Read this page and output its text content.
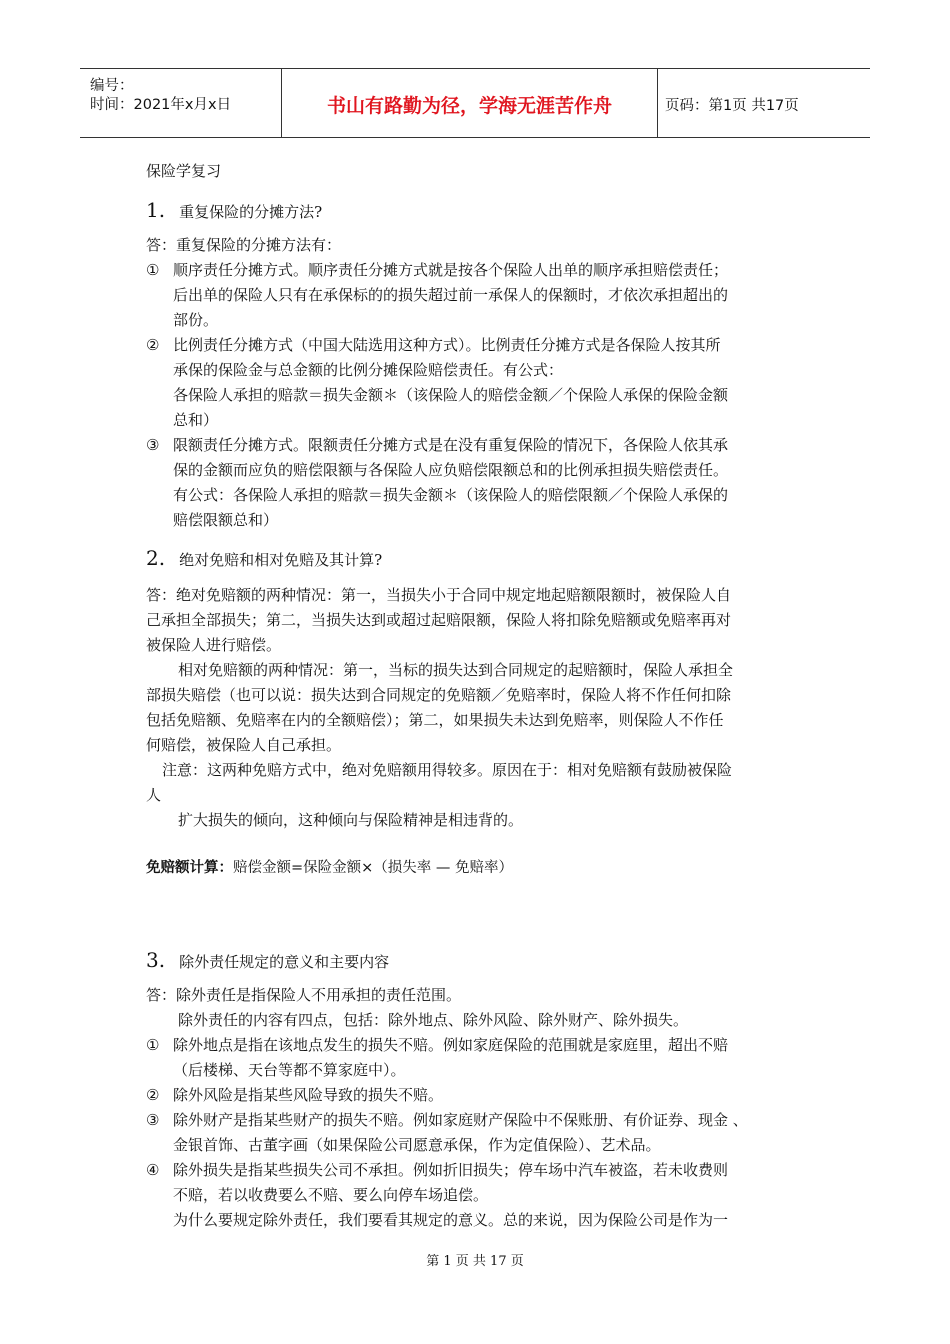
编号：
时间：2021年x月x日	书山有路勤为径，学海无涯苦作舟	页码：第1页 共17页
保险学复习
1. 重复保险的分摊方法?
答：重复保险的分摊方法有：
① 顺序责任分摊方式。顺序责任分摊方式就是按各个保险人出单的顺序承担赔偿责任；
后出单的保险人只有在承保标的的损失超过前一承保人的保额时，才依次承担超出的
部份。
② 比例责任分摊方式（中国大陆选用这种方式）。比例责任分摊方式是各保险人按其所
承保的保险金与总金额的比例分摊保险赔偿责任。有公式：
各保险人承担的赔款＝损失金额＊（该保险人的赔偿金额／个保险人承保的保险金额
总和）
③ 限额责任分摊方式。限额责任分摊方式是在没有重复保险的情况下，各保险人依其承
保的金额而应负的赔偿限额与各保险人应负赔偿限额总和的比例承担损失赔偿责任。
有公式：各保险人承担的赔款＝损失金额＊（该保险人的赔偿限额／个保险人承保的
赔偿限额总和）
2. 绝对免赔和相对免赔及其计算?
答：绝对免赔额的两种情况：第一，当损失小于合同中规定地起赔额限额时，被保险人自
己承担全部损失；第二，当损失达到或超过起赔限额，保险人将扣除免赔额或免赔率再对
被保险人进行赔偿。
相对免赔额的两种情况：第一，当标的损失达到合同规定的起赔额时，保险人承担全
部损失赔偿（也可以说：损失达到合同规定的免赔额／免赔率时，保险人将不作任何扣除
包括免赔额、免赔率在内的全额赔偿）；第二，如果损失未达到免赔率，则保险人不作任
何赔偿，被保险人自己承担。
注意：这两种免赔方式中，绝对免赔额用得较多。原因在于：相对免赔额有鼓励被保险
人
扩大损失的倾向，这种倾向与保险精神是相违背的。
免赔额计算：赔偿金额=保险金额×（损失率 — 免赔率）
3. 除外责任规定的意义和主要内容
答：除外责任是指保险人不用承担的责任范围。
除外责任的内容有四点，包括：除外地点、除外风险、除外财产、除外损失。
① 除外地点是指在该地点发生的损失不赔。例如家庭保险的范围就是家庭里，超出不赔
（后楼梯、天台等都不算家庭中）。
② 除外风险是指某些风险导致的损失不赔。
③ 除外财产是指某些财产的损失不赔。例如家庭财产保险中不保账册、有价证券、现金 、
金银首饰、古董字画（如果保险公司愿意承保，作为定值保险）、艺术品。
④ 除外损失是指某些损失公司不承担。例如折旧损失；停车场中汽车被盗，若未收费则
不赔，若以收费要么不赔、要么向停车场追偿。
为什么要规定除外责任，我们要看其规定的意义。总的来说，因为保险公司是作为一
第 1 页 共 17 页
